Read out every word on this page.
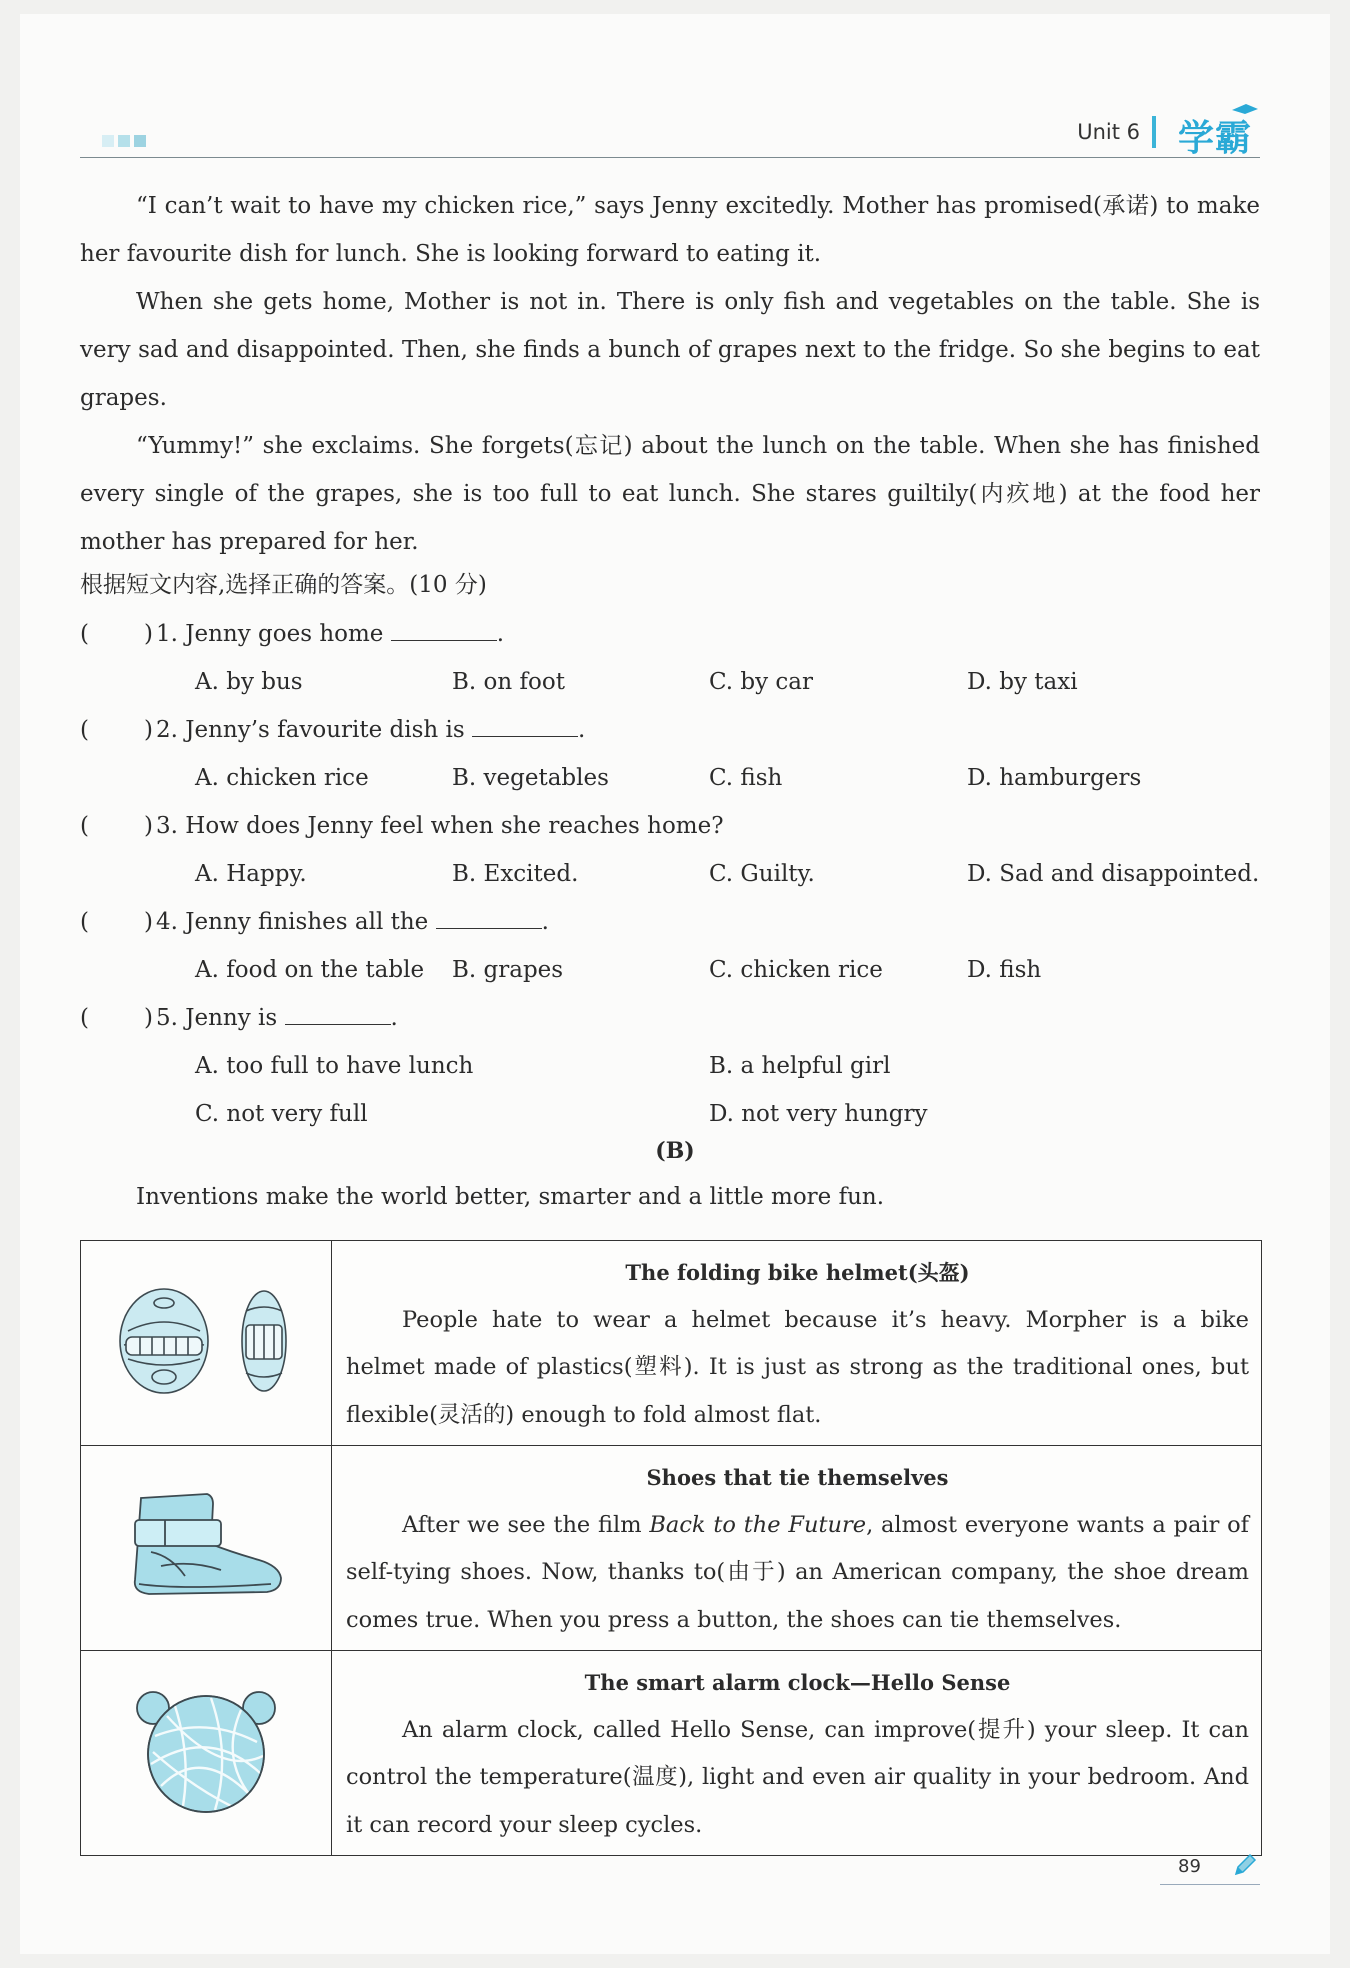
Unit 6 学霸

“I can’t wait to have my chicken rice,” says Jenny excitedly. Mother has promised(承诺) to make her favourite dish for lunch. She is looking forward to eating it.

When she gets home, Mother is not in. There is only fish and vegetables on the table. She is very sad and disappointed. Then, she finds a bunch of grapes next to the fridge. So she begins to eat grapes.

“Yummy!” she exclaims. She forgets(忘记) about the lunch on the table. When she has finished every single of the grapes, she is too full to eat lunch. She stares guiltily(内疚地) at the food her mother has prepared for her.

根据短文内容,选择正确的答案。(10 分)
( ) 1. Jenny goes home	.
A. by bus	B. on foot	C. by car	D. by taxi
( ) 2. Jenny’s favourite dish is	.
A. chicken rice	B. vegetables	C. fish	D. hamburgers
( ) 3. How does Jenny feel when she reaches home?
A. Happy.	B. Excited.	C. Guilty.	D. Sad and disappointed.
( ) 4. Jenny finishes all the	.
A. food on the table B. grapes	C. chicken rice	D. fish
( ) 5. Jenny is	.
A. too full to have lunch	B. a helpful girl
C. not very full	D. not very hungry
(B)
Inventions make the world better, smarter and a little more fun.

The folding bike helmet(头盔)
People hate to wear a helmet because it’s heavy. Morpher is a bike helmet made of plastics(塑料). It is just as strong as the traditional ones, but flexible(灵活的) enough to fold almost flat.

Shoes that tie themselves
After we see the film Back to the Future, almost everyone wants a pair of self-tying shoes. Now, thanks to(由于) an American company, the shoe dream comes true. When you press a button, the shoes can tie themselves.

The smart alarm clock—Hello Sense
An alarm clock, called Hello Sense, can improve(提升) your sleep. It can control the temperature(温度), light and even air quality in your bedroom. And it can record your sleep cycles.
89
